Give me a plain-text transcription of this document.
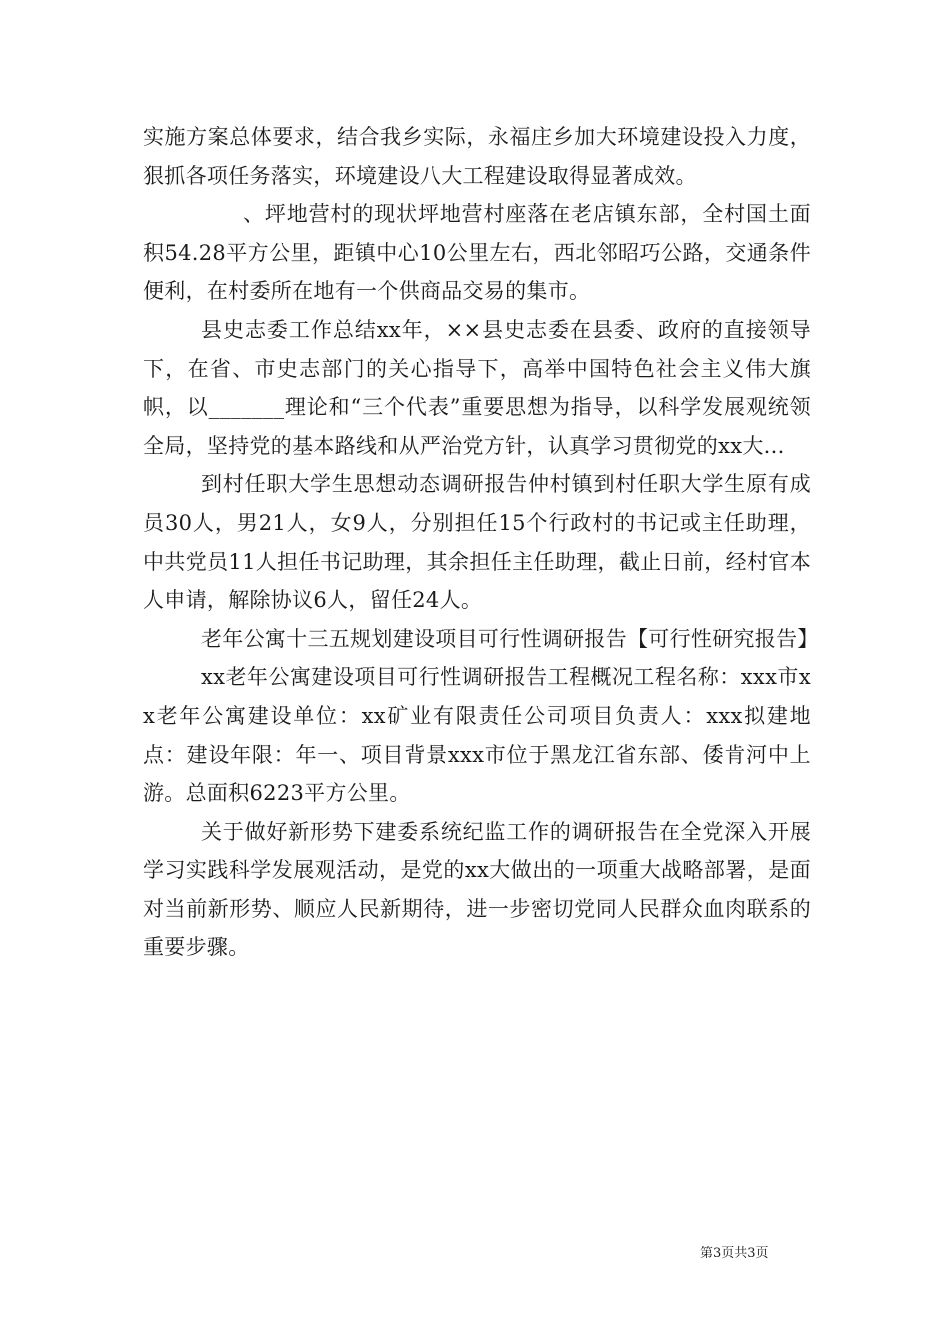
实施方案总体要求，结合我乡实际，永福庄乡加大环境建设投入力度，狠抓各项任务落实，环境建设八大工程建设取得显著成效。

、坪地营村的现状坪地营村座落在老店镇东部，全村国土面积54.28平方公里，距镇中心10公里左右，西北邻昭巧公路，交通条件便利，在村委所在地有一个供商品交易的集市。

县史志委工作总结xx年，××县史志委在县委、政府的直接领导下，在省、市史志部门的关心指导下，高举中国特色社会主义伟大旗帜，以_______理论和“三个代表”重要思想为指导，以科学发展观统领全局，坚持党的基本路线和从严治党方针，认真学习贯彻党的xx大...

到村任职大学生思想动态调研报告仲村镇到村任职大学生原有成员30人，男21人，女9人，分别担任15个行政村的书记或主任助理，中共党员11人担任书记助理，其余担任主任助理，截止日前，经村官本人申请，解除协议6人，留任24人。

老年公寓十三五规划建设项目可行性调研报告【可行性研究报告】

xx老年公寓建设项目可行性调研报告工程概况工程名称：xxx市xx老年公寓建设单位：xx矿业有限责任公司项目负责人：xxx拟建地点：建设年限：年一、项目背景xxx市位于黑龙江省东部、倭肯河中上游。总面积6223平方公里。

关于做好新形势下建委系统纪监工作的调研报告在全党深入开展学习实践科学发展观活动，是党的xx大做出的一项重大战略部署，是面对当前新形势、顺应人民新期待，进一步密切党同人民群众血肉联系的重要步骤。

第3页共3页
